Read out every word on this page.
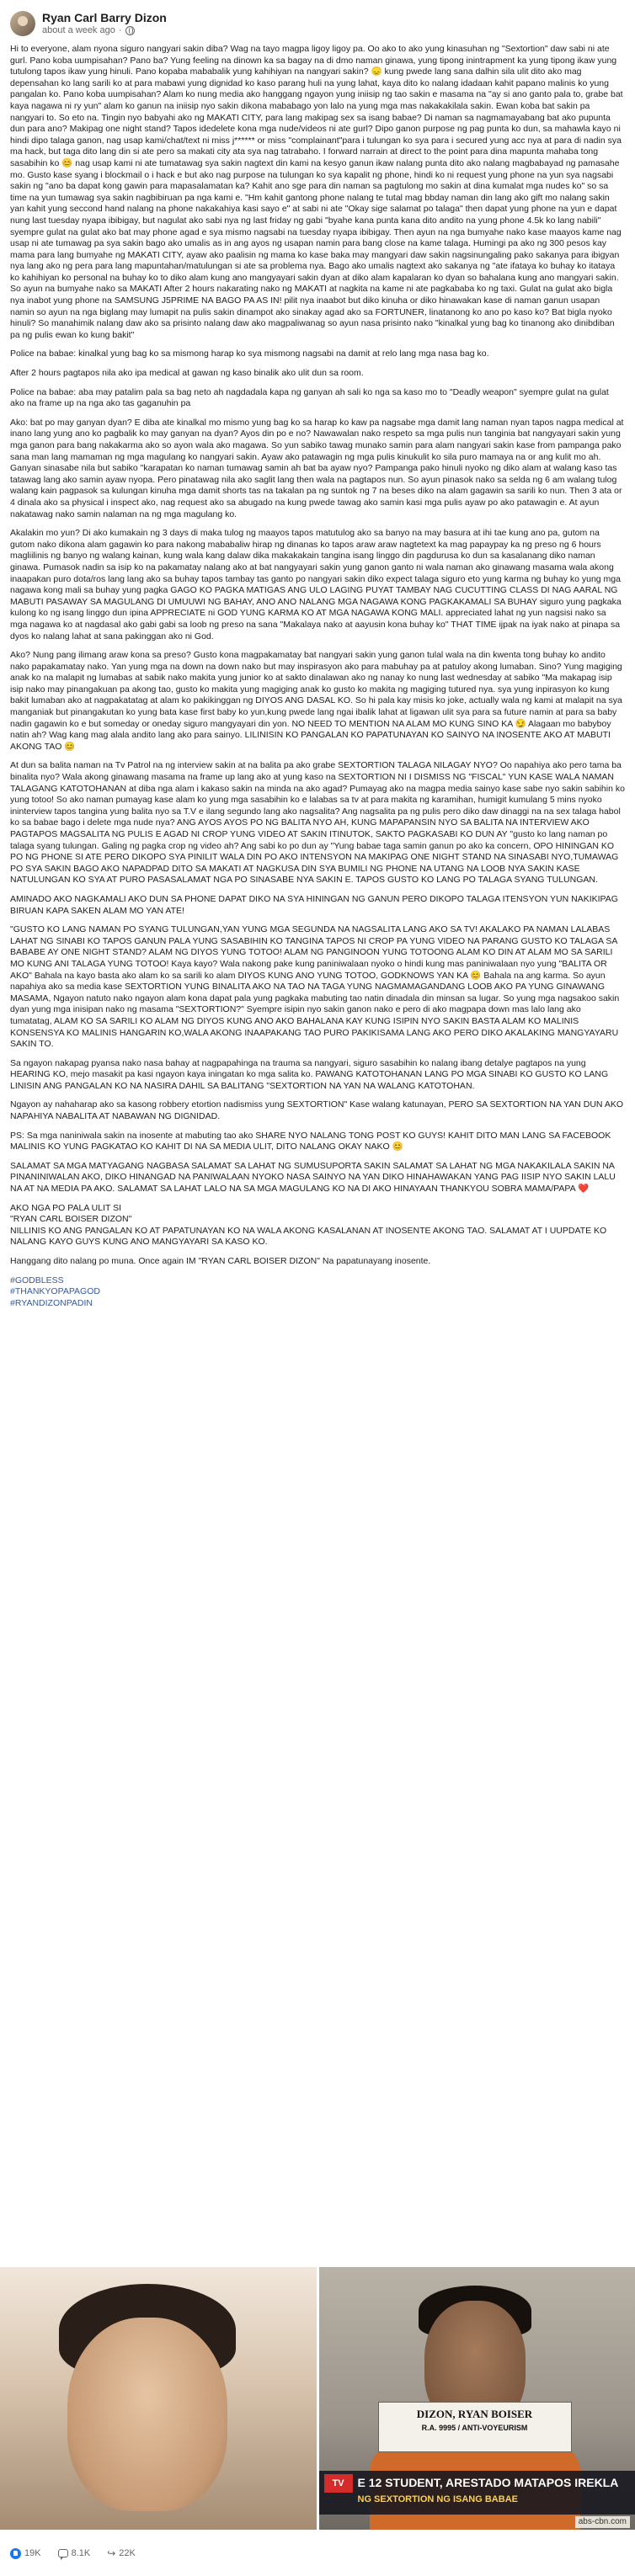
Ryan Carl Barry Dizon
about a week ago ·

Hi to everyone, alam nyona siguro nangyari sakin diba? Wag na tayo magpa ligoy ligoy pa. Oo ako to ako yung kinasuhan ng "Sextortion" daw sabi ni ate gurl. Pano koba uumpisahan? Pano ba? Yung feeling na dinown ka sa bagay na di dmo naman ginawa, yung tipong inintrapment ka yung tipong ikaw yung tutulong tapos ikaw yung hinuli. Pano kopaba mababalik yung kahihiyan na nangyari sakin? 😞 kung pwede lang sana dalhin sila ulit dito ako mag depensahan ko lang sarili ko at para mabawi yung dignidad ko kaso parang huli na yung lahat, kaya dito ko nalang idadaan kahit papano malinis ko yung pangalan ko. Pano koba uumpisahan? Alam ko nung media ako hanggang ngayon yung iniisip ng tao sakin e masama na "ay si ano ganto pala to, grabe bat kaya nagawa ni ry yun" alam ko ganun na iniisip nyo sakin dikona mababago yon lalo na yung mga mas nakakakilala sakin. Ewan koba bat sakin pa nangyari to. So eto na. Tingin nyo babyahi ako ng MAKATI CITY, para lang makipag sex sa isang babae? Di naman sa nagmamayabang bat ako pupunta dun para ano? Makipag one night stand? Tapos idedelete kona mga nude/videos ni ate gurl? Dipo ganon purpose ng pag punta ko dun, sa mahawla kayo ni hindi dipo talaga ganon, nag usap kami/chat/text ni miss j****** or miss "complainant"para i tulungan ko sya para i secured yung acc nya at para di nadin sya ma hack, but taga dito lang din si ate pero sa makati city ata sya nag tatrabaho. I forward narrain at direct to the point para dina mapunta mahaba tong sasabihin ko 😊 nag usap kami ni ate tumatawag sya sakin nagtext din kami na kesyo ganun ikaw nalang punta dito ako nalang magbabayad ng pamasahe mo. Gusto kase syang i blockmail o i hack e but ako nag purpose na tulungan ko sya kapalit ng phone, hindi ko ni request yung phone na yun sya nagsabi sakin ng "ano ba dapat kong gawin para mapasalamatan ka? Kahit ano sge para din naman sa pagtulong mo sakin at dina kumalat mga nudes ko" so sa time na yun tumawag sya sakin nagbibiruan pa nga kami e. "Hm kahit gantong phone nalang te tutal mag bbday naman din lang ako gift mo nalang sakin yan kahit yung seccond hand nalang na phone nakakahiya kasi sayo e" at sabi ni ate "Okay sige salamat po talaga" then dapat yung phone na yun e dapat nung last tuesday nyapa ibibigay, but nagulat ako sabi nya ng last friday ng gabi "byahe kana punta kana dito andito na yung phone 4.5k ko lang nabili" syempre gulat na gulat ako bat may phone agad e sya mismo nagsabi na tuesday nyapa ibibigay. Then ayun na nga bumyahe nako kase maayos kame nag usap ni ate tumawag pa sya sakin bago ako umalis as in ang ayos ng usapan namin para bang close na kame talaga. Humingi pa ako ng 300 pesos kay mama para lang bumyahe ng MAKATI CITY, ayaw ako paalisin ng mama ko kase baka may mangyari daw sakin nagsinungaling pako sakanya para ibigyan nya lang ako ng pera para lang mapuntahan/matulungan si ate sa problema nya. Bago ako umalis nagtext ako sakanya ng "ate ifataya ko buhay ko itataya ko kahihiyan ko personal na buhay ko to diko alam kung ano mangyayari sakin dyan at diko alam kapalaran ko dyan so bahalana kung ano mangyari sakin. So ayun na bumyahe nako sa MAKATI After 2 hours nakarating nako ng MAKATI at nagkita na kame ni ate pagkababa ko ng taxi. Gulat na gulat ako bigla nya inabot yung phone na SAMSUNG J5PRIME NA BAGO PA AS IN! pilit nya inaabot but diko kinuha or diko hinawakan kase di naman ganun usapan namin so ayun na nga biglang may lumapit na pulis sakin dinampot ako sinakay agad ako sa FORTUNER, linatanong ko ano po kaso ko? Bat bigla nyoko hinuli? So manahimik nalang daw ako sa prisinto nalang daw ako magpaliwanag so ayun nasa prisinto nako "kinalkal yung bag ko tinanong ako dinibdiban pa ng pulis ewan ko kung bakit"

Police na babae: kinalkal yung bag ko sa mismong harap ko sya mismong nagsabi na damit at relo lang mga nasa bag ko.

After 2 hours pagtapos nila ako ipa medical at gawan ng kaso binalik ako ulit dun sa room.

Police na babae: aba may patalim pala sa bag neto ah nagdadala kapa ng ganyan ah sali ko nga sa kaso mo to "Deadly weapon" syempre gulat na gulat ako na frame up na nga ako tas gaganuhin pa

Ako: bat po may ganyan dyan? E diba ate kinalkal mo mismo yung bag ko sa harap ko kaw pa nagsabe mga damit lang naman nyan tapos nagpa medical at inano lang yung ano ko pagbalik ko may ganyan na dyan? Ayos din po e no? Nawawalan nako respeto sa mga pulis nun tanginia bat nangyayari sakin yung mga ganon para bang nakakarma ako so ayon wala ako magawa. So yun sabiko tawag munako samin para alam nangyari sakin kase from pampanga pako sana man lang mamaman ng mga magulang ko nangyari sakin. Ayaw ako patawagin ng mga pulis kinukulit ko sila puro mamaya na or ang kulit mo ah. Ganyan sinasabe nila but sabiko "karapatan ko naman tumawag samin ah bat ba ayaw nyo? Pampanga pako hinuli nyoko ng diko alam at walang kaso tas tatawag lang ako samin ayaw nyopa. Pero pinatawag nila ako saglit lang then wala na pagtapos nun. So ayun pinasok nako sa selda ng 6 am walang tulog walang kain pagpasok sa kulungan kinuha mga damit shorts tas na takalan pa ng suntok ng 7 na beses diko na alam gagawin sa sarili ko nun. Then 3 ata or 4 dinala ako sa physical i inspect ako, nag request ako sa abugado na kung pwede tawag ako samin kasi mga pulis ayaw po ako patawagin e. At ayun nakatawag nako samin nalaman na ng mga magulang ko.

Akalakin mo yun? Di ako kumakain ng 3 days di maka tulog ng maayos tapos matutulog ako sa banyo na may basura at ihi tae kung ano pa, gutom na gutom nako dikona alam gagawin ko para nakong mababaliw hirap ng dinanas ko tapos araw araw nagtetext ka mag papaypay ka ng preso ng 6 hours magliilinis ng banyo ng walang kainan, kung wala kang dalaw dika makakakain tangina isang linggo din pagdurusa ko dun sa kasalanang diko naman ginawa. Pumasok nadin sa isip ko na pakamatay nalang ako at bat nangyayari sakin yung ganon ganto ni wala naman ako ginawang masama wala akong inaapakan puro dota/ros lang lang ako sa buhay tapos tambay tas ganto po nangyari sakin diko expect talaga siguro eto yung karma ng buhay ko yung mga nagawa kong mali sa buhay yung pagka GAGO KO PAGKA MATIGAS ANG ULO LAGING PUYAT TAMBAY NAG CUCUTTING CLASS DI NAG AARAL NG MABUTI PASAWAY SA MAGULANG DI UMUUWI NG BAHAY, ANO ANO NALANG MGA NAGAWA KONG PAGKAKAMALI SA BUHAY siguro yung pagkaka kulong ko ng isang linggo dun ipina APPRECIATE ni GOD YUNG KARMA KO AT MGA NAGAWA KONG MALI. appreciated lahat ng yun nagsisi nako sa mga nagawa ko at nagdasal ako gabi gabi sa loob ng preso na sana "Makalaya nako at aayusin kona buhay ko" THAT TIME ijpak na iyak nako at pinapa sa dyos ko nalang lahat at sana pakinggan ako ni God.

Ako? Nung pang ilimang araw kona sa preso? Gusto kona magpakamatay bat nangyari sakin yung ganon tulal wala na din kwenta tong buhay ko andito nako papakamatay nako. Yan yung mga na down na down nako but may inspirasyon ako para mabuhay pa at patuloy akong lumaban. Sino? Yung magiging anak ko na malapit ng lumabas at sabik nako makita yung junior ko at sakto dinalawan ako ng nanay ko nung last wednesday at sabiko "Ma makapag isip isip nako may pinangakuan pa akong tao, gusto ko makita yung magiging anak ko gusto ko makita ng magiging tutured nya. sya yung inpirasyon ko kung bakit lumaban ako at nagpakatatag at alam ko pakikinggan ng DIYOS ANG DASAL KO. So hi pala kay misis ko joke, actually wala ng kami at malapit na sya manganiak but pinangakutan ko yung bata kase first baby ko yun,kung pwede lang ngai ibalik lahat at ligawan ulit sya para sa future namin at para sa baby nadin gagawin ko e but someday or oneday siguro mangyayari din yon. NO NEED TO MENTION NA ALAM MO KUNG SINO KA 😏 Alagaan mo babyboy natin ah? Wag kang mag alala andito lang ako para sainyo. LILINISIN KO PANGALAN KO PAPATUNAYAN KO SAINYO NA INOSENTE AKO AT MABUTI AKONG TAO 😊

At dun sa balita naman na Tv Patrol na ng interview sakin at na balita pa ako grabe SEXTORTION TALAGA NILAGAY NYO? Oo napahiya ako pero tama ba binalita nyo? Wala akong ginawang masama na frame up lang ako at yung kaso na SEXTORTION NI I DISMISS NG "FISCAL" YUN KASE WALA NAMAN TALAGANG KATOTOHANAN at diba nga alam i kakaso sakin na minda na ako agad? Pumayag ako na magpa media sainyo kase sabe nyo sakin sabihin ko yung totoo! So ako naman pumayag kase alam ko yung mga sasabihin ko e lalabas sa tv at para makita ng karamihan, humigit kumulang 5 mins nyoko ininterview tapos tangina yung balita nyo sa T.V e ilang segundo lang ako nagsalita? Ang nagsalita pa ng pulis pero diko daw dinaggi na na sex talaga habol ko sa babae bago i delete mga nude nya? ANG AYOS AYOS PO NG BALITA NYO AH, KUNG MAPAPANSIN NYO SA BALITA NA INTERVIEW AKO PAGTAPOS MAGSALITA NG PULIS E AGAD NI CROP YUNG VIDEO AT SAKIN ITINUTOK, SAKTO PAGKASABI KO DUN AY "gusto ko lang naman po talaga syang tulungan. Galing ng pagka crop ng video ah? Ang sabi ko po dun ay "Yung babae taga samin ganun po ako ka concern, OPO HININGAN KO PO NG PHONE SI ATE PERO DIKOPO SYA PINILIT WALA DIN PO AKO INTENSYON NA MAKIPAG ONE NIGHT STAND NA SINASABI NYO,TUMAWAG PO SYA SAKIN BAGO AKO NAPADPAD DITO SA MAKATI AT NAGKUSA DIN SYA BUMILI NG PHONE NA UTANG NA LOOB NYA SAKIN KASE NATULUNGAN KO SYA AT PURO PASASALAMAT NGA PO SINASABE NYA SAKIN E. TAPOS GUSTO KO LANG PO TALAGA SYANG TULUNGAN.

AMINADO AKO NAGKAMALI AKO DUN SA PHONE DAPAT DIKO NA SYA HININGAN NG GANUN PERO DIKOPO TALAGA ITENSYON YUN NAKIKIPAG BIRUAN KAPA SAKEN ALAM MO YAN ATE!

"GUSTO KO LANG NAMAN PO SYANG TULUNGAN,YAN YUNG MGA SEGUNDA NA NAGSALITA LANG AKO SA TV! AKALAKO PA NAMAN LALABAS LAHAT NG SINABI KO TAPOS GANUN PALA YUNG SASABIHIN KO TANGINA TAPOS NI CROP PA YUNG VIDEO NA PARANG GUSTO KO TALAGA SA BABABE AY ONE NIGHT STAND? ALAM NG DIYOS YUNG TOTOO! ALAM NG PANGINOON YUNG TOTOONG ALAM KO DIN AT ALAM MO SA SARILI MO KUNG ANI TALAGA YUNG TOTOO! Kaya kayo? Wala nakong pake kung paniniwalaan nyoko o hindi kung mas paniniwalaan nyo yung "BALITA OR AKO" Bahala na kayo basta ako alam ko sa sarili ko alam DIYOS KUNG ANO YUNG TOTOO, GODKNOWS YAN KA 😊 Bahala na ang karma. So ayun napahiya ako sa media kase SEXTORTION YUNG BINALITA AKO NA TAO NA TAGA YUNG NAGMAMAGANDANG LOOB AKO PA YUNG GINAWANG MASAMA, Ngayon natuto nako ngayon alam kona dapat pala yung pagkaka mabuting tao natin dinadala din minsan sa lugar. So yung mga nagsakoo sakin dyan yung mga inisipan nako ng masama "SEXTORTION?" Syempre isipin nyo sakin ganon nako e pero di ako magpapa down mas lalo lang ako tumatatag, ALAM KO SA SARILI KO ALAM NG DIYOS KUNG ANO AKO BAHALANA KAY KUNG ISIPIN NYO SAKIN BASTA ALAM KO MALINIS KONSENSYA KO MALINIS HANGARIN KO,WALA AKONG INAAPAKANG TAO PURO PAKIKISAMA LANG AKO PERO DIKO AKALAKING MANGYAYARU SAKIN TO.

Sa ngayon nakapag pyansa nako nasa bahay at nagpapahinga na trauma sa nangyari, siguro sasabihin ko nalang ibang detalye pagtapos na yung HEARING KO, mejo masakit pa kasi ngayon kaya iningatan ko mga salita ko. PAWANG KATOTOHANAN LANG PO MGA SINABI KO GUSTO KO LANG LINISIN ANG PANGALAN KO NA NASIRA DAHIL SA BALITANG "SEXTORTION NA YAN NA WALANG KATOTOHAN.

Ngayon ay nahaharap ako sa kasong robbery etortion nadismiss yung SEXTORTION" Kase walang katunayan, PERO SA SEXTORTION NA YAN DUN AKO NAPAHIYA NABALITA AT NABAWAN NG DIGNIDAD.

PS: Sa mga naniniwala sakin na inosente at mabuting tao ako SHARE NYO NALANG TONG POST KO GUYS! KAHIT DITO MAN LANG SA FACEBOOK MALINIS KO YUNG PAGKATAO KO KAHIT DI NA SA MEDIA ULIT, DITO NALANG OKAY NAKO 😊

SALAMAT SA MGA MATYAGANG NAGBASA SALAMAT SA LAHAT NG SUMUSUPORTA SAKIN SALAMAT SA LAHAT NG MGA NAKAKILALA SAKIN NA PINANINIWALAN AKO, DIKO HINANGAD NA PANIWALAAN NYOKO NASA SAINYO NA YAN DIKO HINAHAWAKAN YANG PAG IISIP NYO SAKIN LALU NA AT NA MEDIA PA AKO. SALAMAT SA LAHAT LALO NA SA MGA MAGULANG KO NA DI AKO HINAYAAN THANKYOU SOBRA MAMA/PAPA ❤️

AKO NGA PO PALA ULIT SI
"RYAN CARL BOISER DIZON"
NILLINIS KO ANG PANGALAN KO AT PAPATUNAYAN KO NA WALA AKONG KASALANAN AT INOSENTE AKONG TAO. SALAMAT AT I UUPDATE KO NALANG KAYO GUYS KUNG ANO MANGYAYARI SA KASO KO.

Hanggang dito nalang po muna. Once again IM "RYAN CARL BOISER DIZON" Na papatunayang inosente.

#GODBLESS
#THANKYOPAPAGOD
#RYANDIZONPADIN
DIZON, RYAN BOISER
R.A. 9995 / ANTI-VOYEURISM
TV	E 12 STUDENT, ARESTADO MATAPOS IREKLA
NG SEXTORTION NG ISANG BABAE
abs-cbn.com
19K	8.1K ↪ 22K
